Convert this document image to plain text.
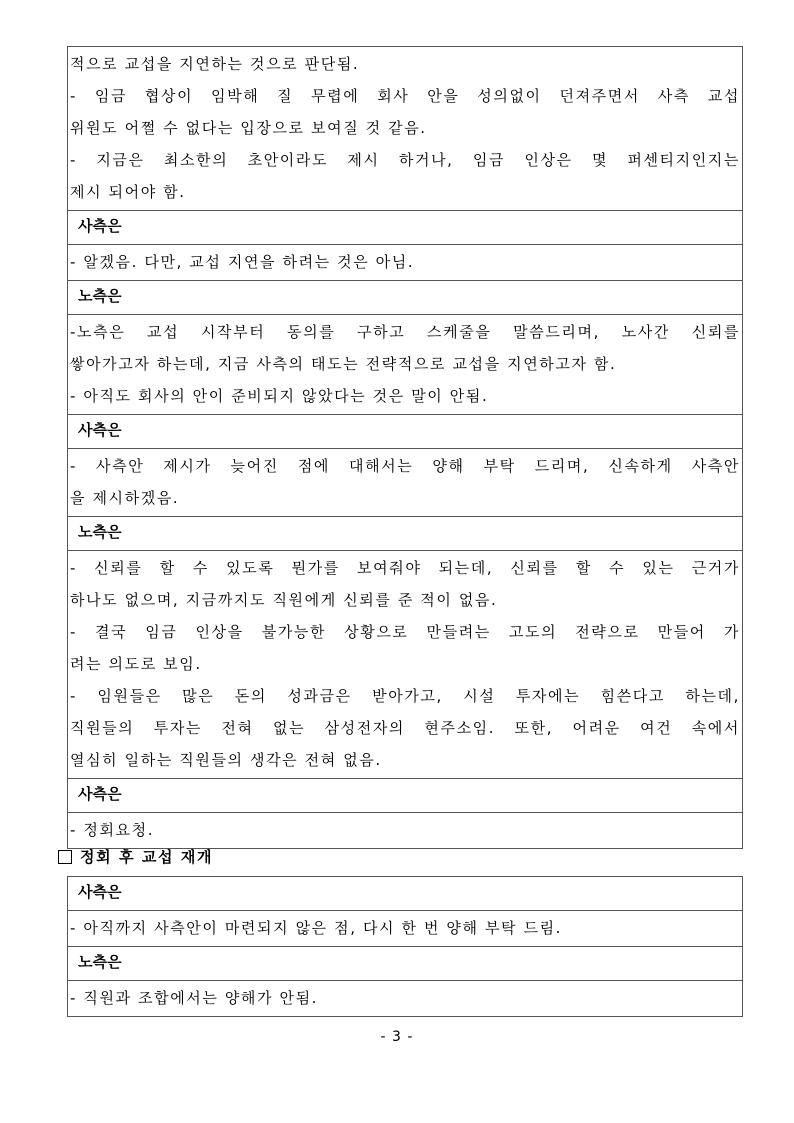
적으로 교섭을 지연하는 것으로 판단됨.
- 임금 협상이 임박해 질 무렵에 회사 안을 성의없이 던져주면서 사측 교섭
위원도 어쩔 수 없다는 입장으로 보여질 것 같음.
- 지금은 최소한의 초안이라도 제시 하거나, 임금 인상은 몇 퍼센티지인지는
제시 되어야 함.

사측은

- 알겠음. 다만, 교섭 지연을 하려는 것은 아님.

노측은

-노측은 교섭 시작부터 동의를 구하고 스케줄을 말씀드리며, 노사간 신뢰를
쌓아가고자 하는데, 지금 사측의 태도는 전략적으로 교섭을 지연하고자 함.
- 아직도 회사의 안이 준비되지 않았다는 것은 말이 안됨.

사측은

- 사측안 제시가 늦어진 점에 대해서는 양해 부탁 드리며, 신속하게 사측안
을 제시하겠음.

노측은

- 신뢰를 할 수 있도록 뭔가를 보여줘야 되는데, 신뢰를 할 수 있는 근거가
하나도 없으며, 지금까지도 직원에게 신뢰를 준 적이 없음.
- 결국 임금 인상을 불가능한 상황으로 만들려는 고도의 전략으로 만들어 가
려는 의도로 보임.
- 임원들은 많은 돈의 성과금은 받아가고, 시설 투자에는 힘쓴다고 하는데,
직원들의 투자는 전혀 없는 삼성전자의 현주소임. 또한, 어려운 여건 속에서
열심히 일하는 직원들의 생각은 전혀 없음.

사측은

- 정회요청.
정회 후 교섭 재개
사측은

- 아직까지 사측안이 마련되지 않은 점, 다시 한 번 양해 부탁 드림.

노측은

- 직원과 조합에서는 양해가 안됨.
- 3 -
